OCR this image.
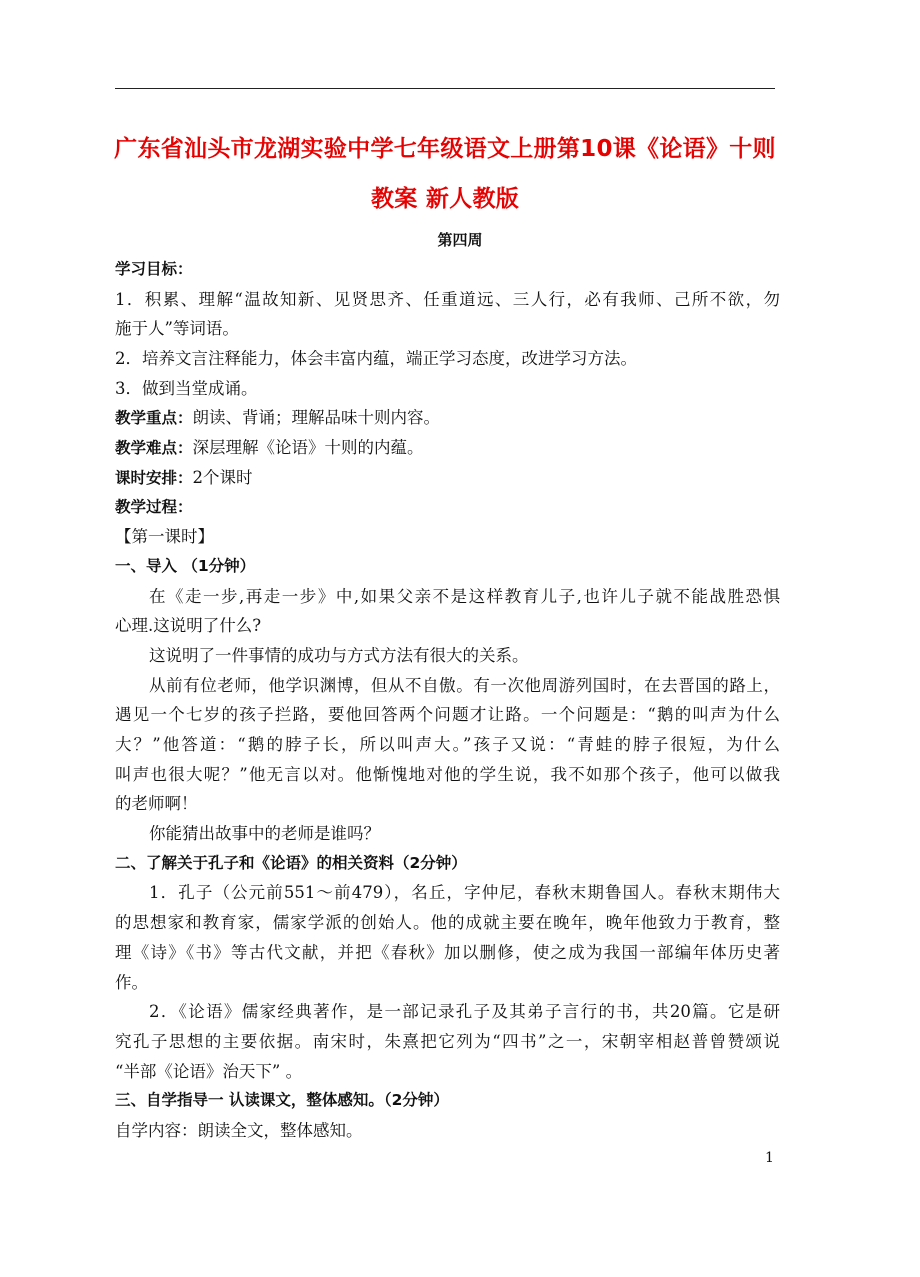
广东省汕头市龙湖实验中学七年级语文上册第10课《论语》十则
教案 新人教版
第四周
学习目标：
1．积累、理解“温故知新、见贤思齐、任重道远、三人行，必有我师、己所不欲，勿
施于人”等词语。
2．培养文言注释能力，体会丰富内蕴，端正学习态度，改进学习方法。
3．做到当堂成诵。
教学重点：朗读、背诵；理解品味十则内容。
教学难点：深层理解《论语》十则的内蕴。
课时安排：2个课时
教学过程：
【第一课时】
一、导入 （1分钟）
在《走一步,再走一步》中,如果父亲不是这样教育儿子,也许儿子就不能战胜恐惧
心理.这说明了什么?
这说明了一件事情的成功与方式方法有很大的关系。
从前有位老师，他学识渊博，但从不自傲。有一次他周游列国时，在去晋国的路上，
遇见一个七岁的孩子拦路，要他回答两个问题才让路。一个问题是：“鹅的叫声为什么
大？”他答道：“鹅的脖子长，所以叫声大。”孩子又说：“青蛙的脖子很短，为什么
叫声也很大呢？”他无言以对。他惭愧地对他的学生说，我不如那个孩子，他可以做我
的老师啊！
你能猜出故事中的老师是谁吗？
二、了解关于孔子和《论语》的相关资料（2分钟）
1．孔子（公元前551～前479），名丘，字仲尼，春秋末期鲁国人。春秋末期伟大
的思想家和教育家，儒家学派的创始人。他的成就主要在晚年，晚年他致力于教育，整
理《诗》《书》等古代文献，并把《春秋》加以删修，使之成为我国一部编年体历史著
作。
2．《论语》儒家经典著作，是一部记录孔子及其弟子言行的书，共20篇。它是研
究孔子思想的主要依据。南宋时，朱熹把它列为“四书”之一，宋朝宰相赵普曾赞颂说
“半部《论语》治天下” 。
三、自学指导一 认读课文，整体感知。（2分钟）
自学内容：朗读全文，整体感知。
1
